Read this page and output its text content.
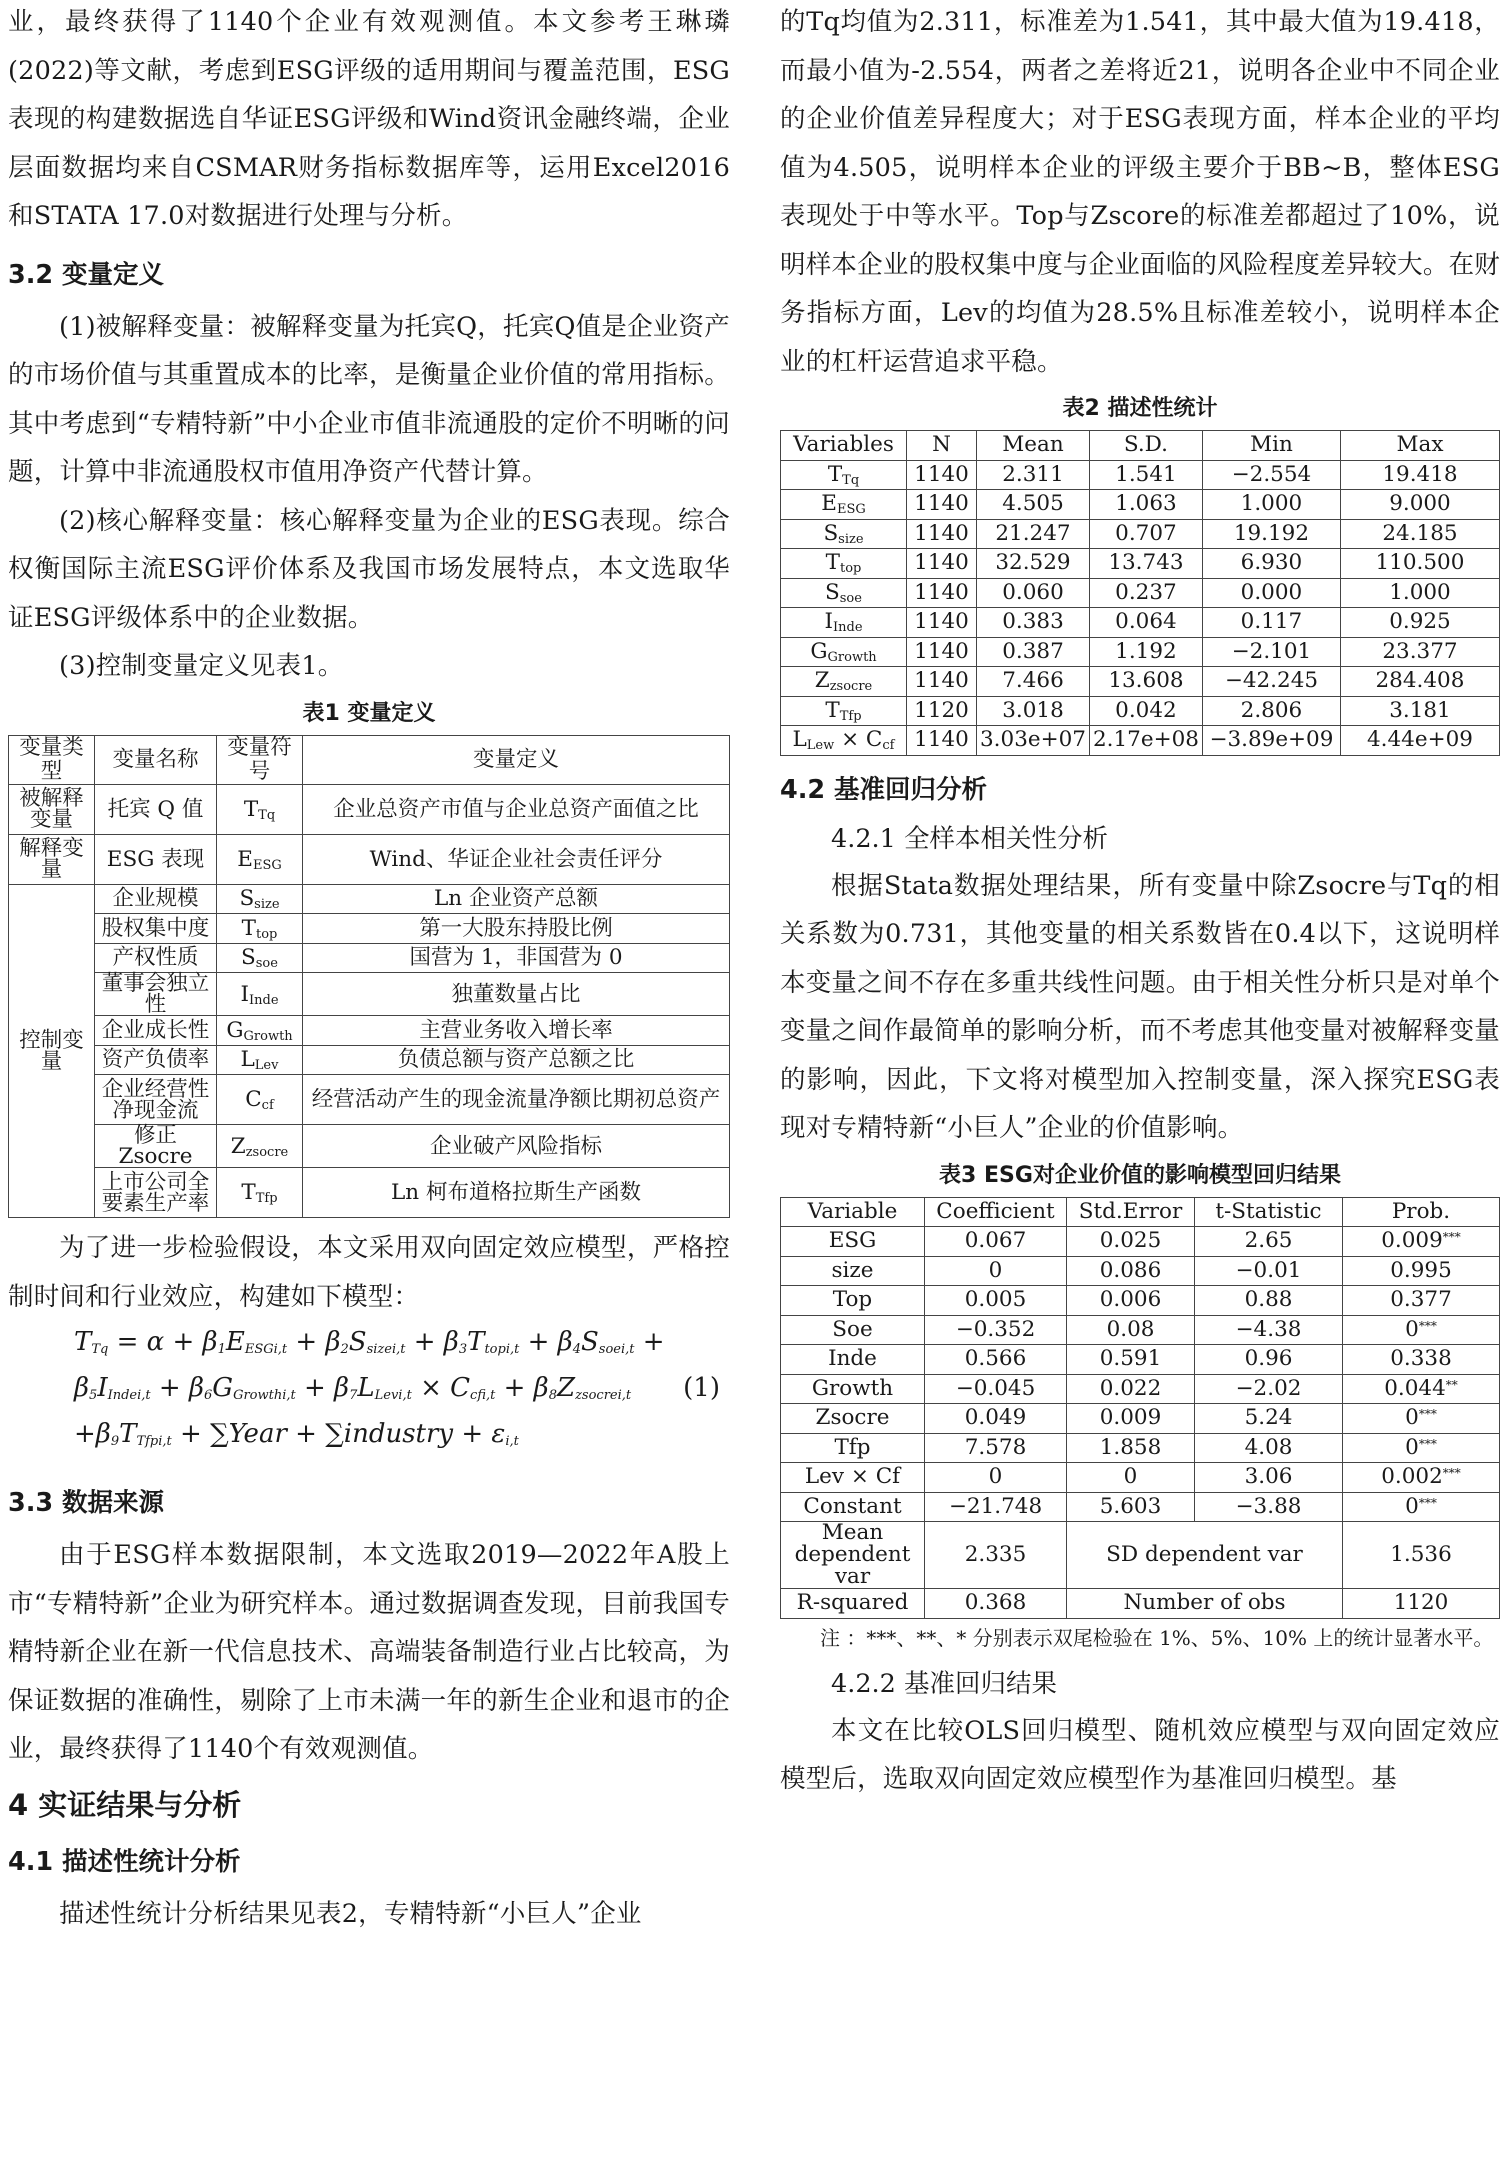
业，最终获得了1140个企业有效观测值。本文参考王琳璘(2022)等文献，考虑到ESG评级的适用期间与覆盖范围，ESG表现的构建数据选自华证ESG评级和Wind资讯金融终端，企业层面数据均来自CSMAR财务指标数据库等，运用Excel2016和STATA 17.0对数据进行处理与分析。

3.2 变量定义

(1)被解释变量：被解释变量为托宾Q，托宾Q值是企业资产的市场价值与其重置成本的比率，是衡量企业价值的常用指标。其中考虑到“专精特新”中小企业市值非流通股的定价不明晰的问题，计算中非流通股权市值用净资产代替计算。

(2)核心解释变量：核心解释变量为企业的ESG表现。综合权衡国际主流ESG评价体系及我国市场发展特点，本文选取华证ESG评级体系中的企业数据。

(3)控制变量定义见表1。

表1 变量定义
变量类型	变量名称	变量符号	变量定义
被解释变量	托宾 Q 值	$T_{Tq}$	企业总资产市值与企业总资产面值之比
解释变量	ESG 表现	$E_{ESG}$	Wind、华证企业社会责任评分
控制变量	企业规模	$S_{size}$	Ln 企业资产总额
	股权集中度	$T_{top}$	第一大股东持股比例
	产权性质	$S_{soe}$	国营为 1，非国营为 0
	董事会独立性	$I_{Inde}$	独董数量占比
	企业成长性	$G_{Growth}$	主营业务收入增长率
	资产负债率	$L_{Lev}$	负债总额与资产总额之比
	企业经营性净现金流	$C_{cf}$	经营活动产生的现金流量净额比期初总资产
	修正 Zsocre	$Z_{zsocre}$	企业破产风险指标
	上市公司全要素生产率	$T_{Tfp}$	Ln 柯布道格拉斯生产函数

为了进一步检验假设，本文采用双向固定效应模型，严格控制时间和行业效应，构建如下模型：

$T_{Tq} = \alpha + \beta_1E_{ESGi,t} + \beta_2S_{sizei,t} + \beta_3T_{topi,t} + \beta_4S_{soei,t}$ +
$\beta_5I_{Indei,t} + \beta_6G_{Growthi,t} + \beta_7L_{Levi,t} \times C_{cfi,t} + \beta_8Z_{zsocrei,t}$
$+\beta_9T_{Tfpi,t}$ + ∑Year + ∑industry + $\varepsilon_{i,t}$
(1)
3.3 数据来源

由于ESG样本数据限制，本文选取2019—2022年A股上市“专精特新”企业为研究样本。通过数据调查发现，目前我国专精特新企业在新一代信息技术、高端装备制造行业占比较高，为保证数据的准确性，剔除了上市未满一年的新生企业和退市的企业，最终获得了1140个有效观测值。

4 实证结果与分析
4.1 描述性统计分析

描述性统计分析结果见表2，专精特新“小巨人”企业

的Tq均值为2.311，标准差为1.541，其中最大值为19.418，而最小值为-2.554，两者之差将近21，说明各企业中不同企业的企业价值差异程度大；对于ESG表现方面，样本企业的平均值为4.505，说明样本企业的评级主要介于BB~B，整体ESG表现处于中等水平。Top与Zscore的标准差都超过了10%，说明样本企业的股权集中度与企业面临的风险程度差异较大。在财务指标方面，Lev的均值为28.5%且标准差较小，说明样本企业的杠杆运营追求平稳。

表2 描述性统计
Variables	N	Mean	S.D.	Min	Max
$T_{Tq}$	1140	2.311	1.541	−2.554	19.418
$E_{ESG}$	1140	4.505	1.063	1.000	9.000
$S_{size}$	1140	21.247	0.707	19.192	24.185
$T_{top}$	1140	32.529	13.743	6.930	110.500
$S_{soe}$	1140	0.060	0.237	0.000	1.000
$I_{Inde}$	1140	0.383	0.064	0.117	0.925
$G_{Growth}$	1140	0.387	1.192	−2.101	23.377
$Z_{zsocre}$	1140	7.466	13.608	−42.245	284.408
$T_{Tfp}$	1120	3.018	0.042	2.806	3.181
$L_{Lew} \times C_{cf}$	1140	3.03e+07	2.17e+08	−3.89e+09	4.44e+09
4.2 基准回归分析
4.2.1 全样本相关性分析

根据Stata数据处理结果，所有变量中除Zsocre与Tq的相关系数为0.731，其他变量的相关系数皆在0.4以下，这说明样本变量之间不存在多重共线性问题。由于相关性分析只是对单个变量之间作最简单的影响分析，而不考虑其他变量对被解释变量的影响，因此，下文将对模型加入控制变量，深入探究ESG表现对专精特新“小巨人”企业的价值影响。

表3 ESG对企业价值的影响模型回归结果
Variable	Coefficient	Std.Error	t-Statistic	Prob.
ESG	0.067	0.025	2.65	0.009***
size	0	0.086	−0.01	0.995
Top	0.005	0.006	0.88	0.377
Soe	−0.352	0.08	−4.38	0***
Inde	0.566	0.591	0.96	0.338
Growth	−0.045	0.022	−2.02	0.044**
Zsocre	0.049	0.009	5.24	0***
Tfp	7.578	1.858	4.08	0***
Lev × Cf	0	0	3.06	0.002***
Constant	−21.748	5.603	−3.88	0***
Mean dependent var	2.335	SD dependent var		1.536
R-squared	0.368	Number of obs		1120

注 ：***、**、* 分别表示双尾检验在 1%、5%、10% 上的统计显著水平。

4.2.2 基准回归结果

本文在比较OLS回归模型、随机效应模型与双向固定效应模型后，选取双向固定效应模型作为基准回归模型。基
